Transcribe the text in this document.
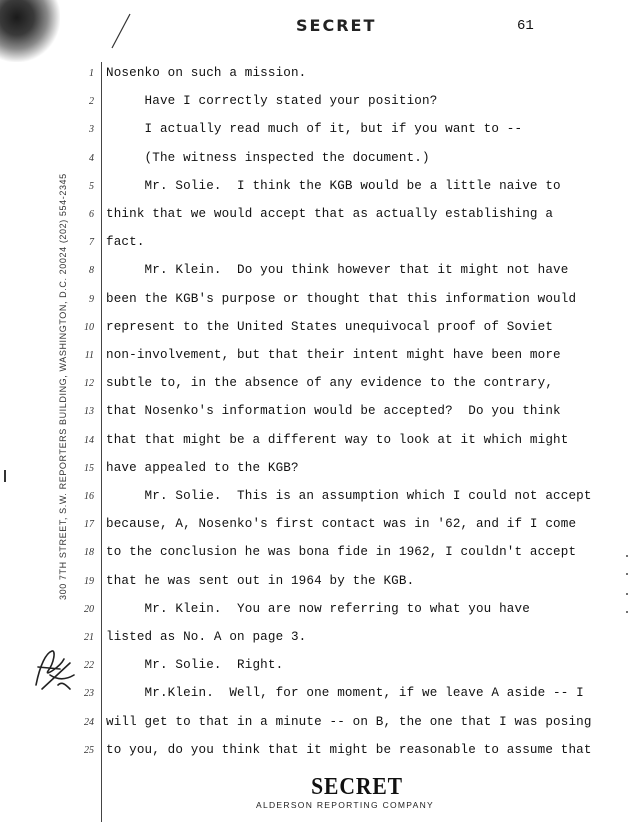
SECRET	61
300 7TH STREET, S.W. REPORTERS BUILDING, WASHINGTON, D.C. 20024 (202) 554-2345
1 Nosenko on such a mission.
2 Have I correctly stated your position?
3 I actually read much of it, but if you want to --
4 (The witness inspected the document.)
5 Mr. Solie.  I think the KGB would be a little naive to
6 think that we would accept that as actually establishing a
7 fact.
8 Mr. Klein.  Do you think however that it might not have
9 been the KGB's purpose or thought that this information would
10 represent to the United States unequivocal proof of Soviet
11 non-involvement, but that their intent might have been more
12 subtle to, in the absence of any evidence to the contrary,
13 that Nosenko's information would be accepted?  Do you think
14 that that might be a different way to look at it which might
15 have appealed to the KGB?
16 Mr. Solie.  This is an assumption which I could not accept
17 because, A, Nosenko's first contact was in '62, and if I come
18 to the conclusion he was bona fide in 1962, I couldn't accept
19 that he was sent out in 1964 by the KGB.
20 Mr. Klein.  You are now referring to what you have
21 listed as No. A on page 3.
22 Mr. Solie.  Right.
23 Mr.Klein.  Well, for one moment, if we leave A aside -- I
24 will get to that in a minute -- on B, the one that I was posing
25 to you, do you think that it might be reasonable to assume that
SECRET
ALDERSON REPORTING COMPANY
